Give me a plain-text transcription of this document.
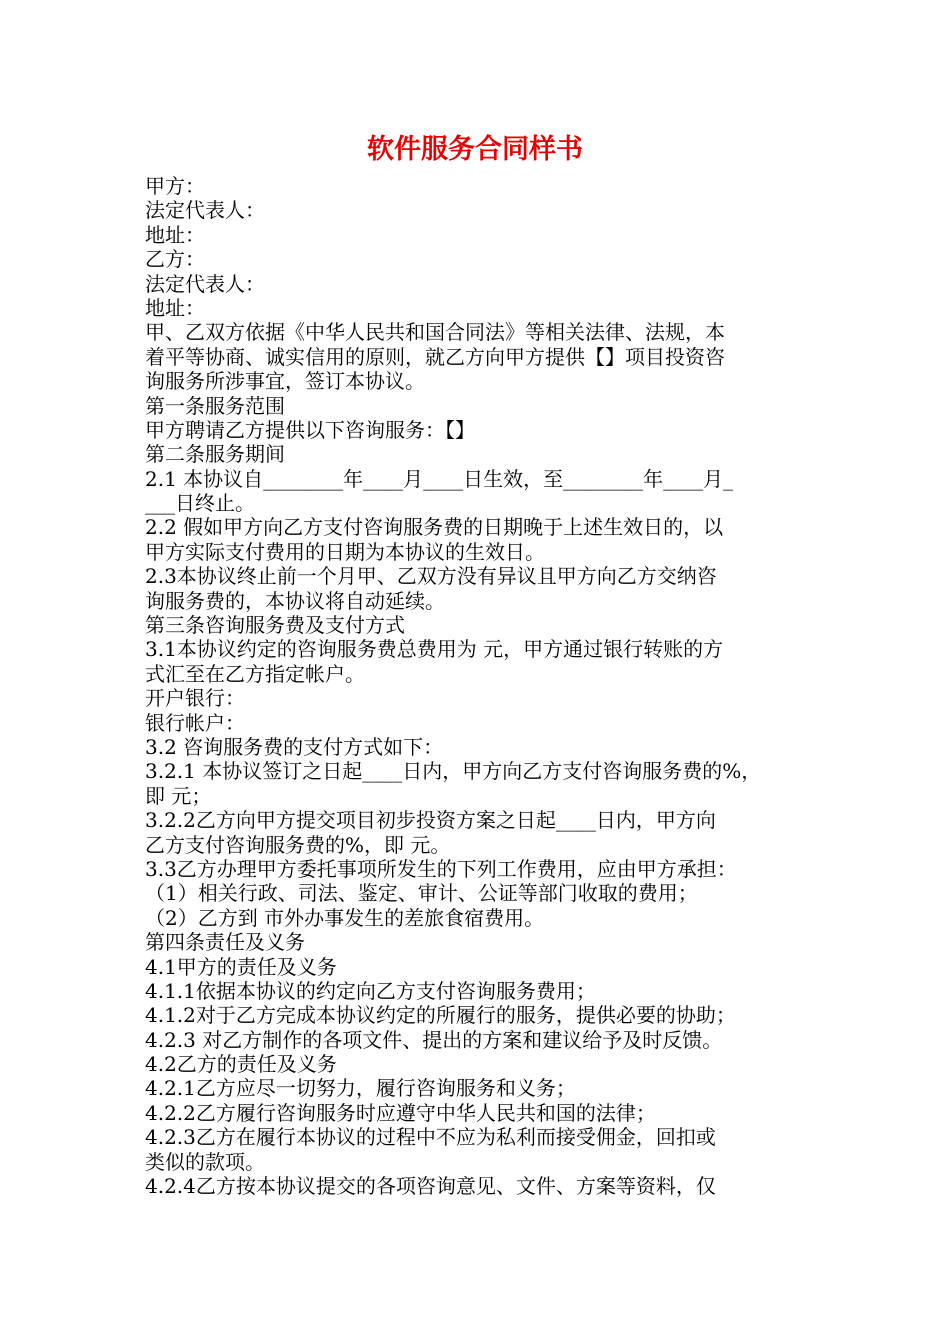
软件服务合同样书

甲方：

法定代表人：

地址：

乙方：

法定代表人：

地址：

甲、乙双方依据《中华人民共和国合同法》等相关法律、法规，本

着平等协商、诚实信用的原则，就乙方向甲方提供【】项目投资咨

询服务所涉事宜，签订本协议。

第一条服务范围

甲方聘请乙方提供以下咨询服务：【】

第二条服务期间

2.1 本协议自________年____月____日生效，至________年____月_

___日终止。

2.2 假如甲方向乙方支付咨询服务费的日期晚于上述生效日的，以

甲方实际支付费用的日期为本协议的生效日。

2.3本协议终止前一个月甲、乙双方没有异议且甲方向乙方交纳咨

询服务费的，本协议将自动延续。

第三条咨询服务费及支付方式

3.1本协议约定的咨询服务费总费用为 元，甲方通过银行转账的方

式汇至在乙方指定帐户。

开户银行：

银行帐户：

3.2 咨询服务费的支付方式如下：

3.2.1 本协议签订之日起____日内，甲方向乙方支付咨询服务费的%，

即 元；

3.2.2乙方向甲方提交项目初步投资方案之日起____日内，甲方向

乙方支付咨询服务费的%，即 元。

3.3乙方办理甲方委托事项所发生的下列工作费用，应由甲方承担：

（1）相关行政、司法、鉴定、审计、公证等部门收取的费用；

（2）乙方到 市外办事发生的差旅食宿费用。

第四条责任及义务

4.1甲方的责任及义务

4.1.1依据本协议的约定向乙方支付咨询服务费用；

4.1.2对于乙方完成本协议约定的所履行的服务，提供必要的协助；

4.2.3 对乙方制作的各项文件、提出的方案和建议给予及时反馈。

4.2乙方的责任及义务

4.2.1乙方应尽一切努力，履行咨询服务和义务；

4.2.2乙方履行咨询服务时应遵守中华人民共和国的法律；

4.2.3乙方在履行本协议的过程中不应为私利而接受佣金，回扣或

类似的款项。

4.2.4乙方按本协议提交的各项咨询意见、文件、方案等资料，仅
